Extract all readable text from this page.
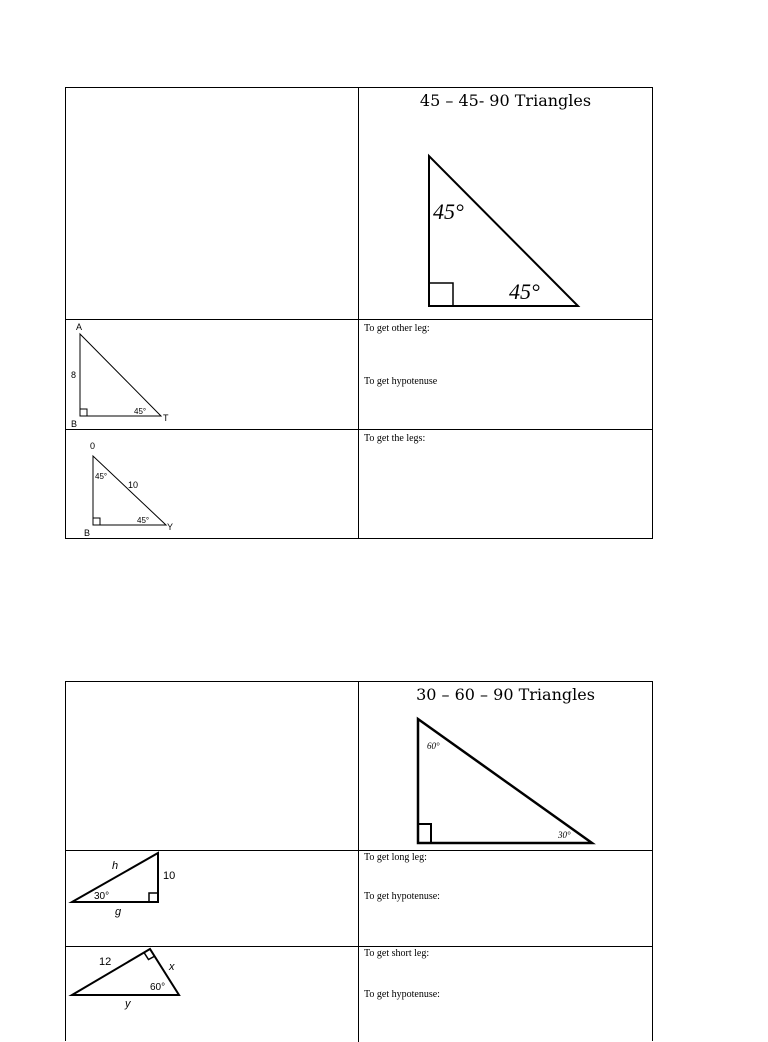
45 – 45- 90 Triangles
45°
45°
A
8
B
45°
T
To get other leg:
To get hypotenuse
0
45°
10
45°
B
Y
To get the legs:
30 – 60 – 90 Triangles
60°
30°
h
10
30°
g
To get long leg:
To get hypotenuse:
12	x
60°
y
To get short leg:
To get hypotenuse:
